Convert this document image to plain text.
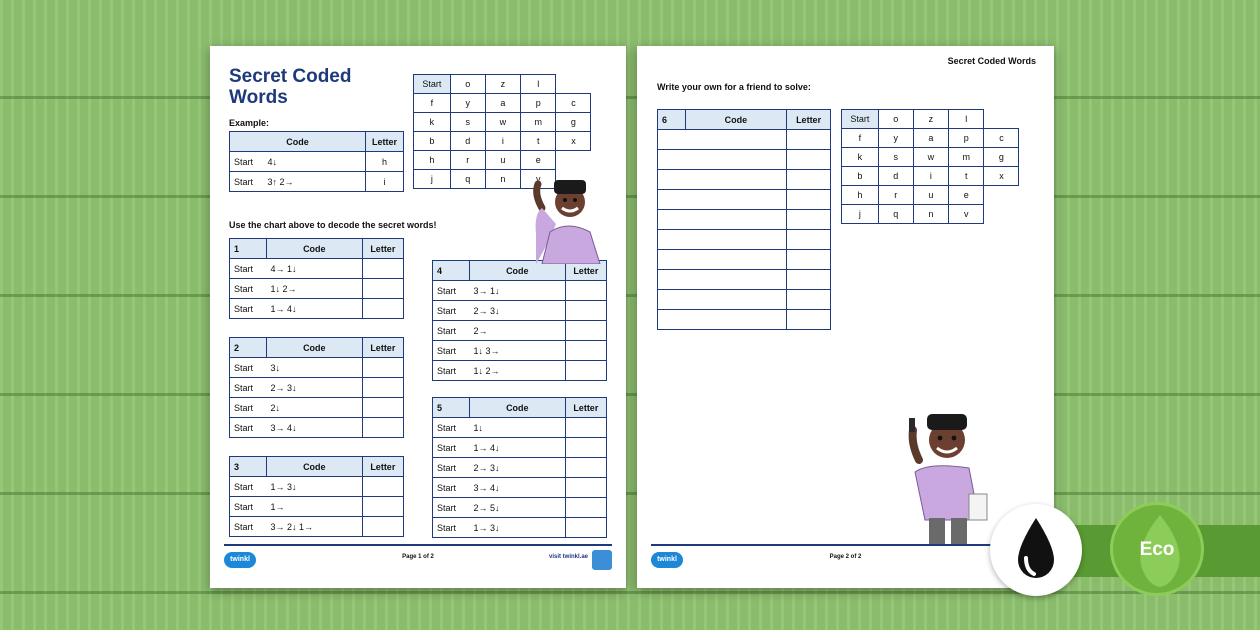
Secret Coded
Words
Example:
Code		Letter
Start	4↓	h
Start	3↑ 2→	i
Start	o	z	l		
f	y	a	p	c	
k	s	w	m	g	
b	d	i	t	x	
h	r	u	e		
j	q	n	v		
Use the chart above to decode the secret words!
1	Code	Letter
Start	4→ 1↓	
Start	1↓ 2→	
Start	1→ 4↓	
2	Code	Letter
Start	3↓	
Start	2→ 3↓	
Start	2↓	
Start	3→ 4↓	
3	Code	Letter
Start	1→ 3↓	
Start	1→	
Start	3→ 2↓ 1→	
4	Code	Letter
Start	3→ 1↓	
Start	2→ 3↓	
Start	2→	
Start	1↓ 3→	
Start	1↓ 2→	
5	Code	Letter
Start	1↓	
Start	1→ 4↓	
Start	2→ 3↓	
Start	3→ 4↓	
Start	2→ 5↓	
Start	1→ 3↓	
twinkl	Page 1 of 2	visit twinkl.ae
Secret Coded Words
Write your own for a friend to solve:
6	Code	Letter

		Start	o	z	l		
f	y	a	p	c	
k	s	w	m	g	
b	d	i	t	x	
h	r	u	e		
j	q	n	v		
twinkl	Page 2 of 2	Eco
